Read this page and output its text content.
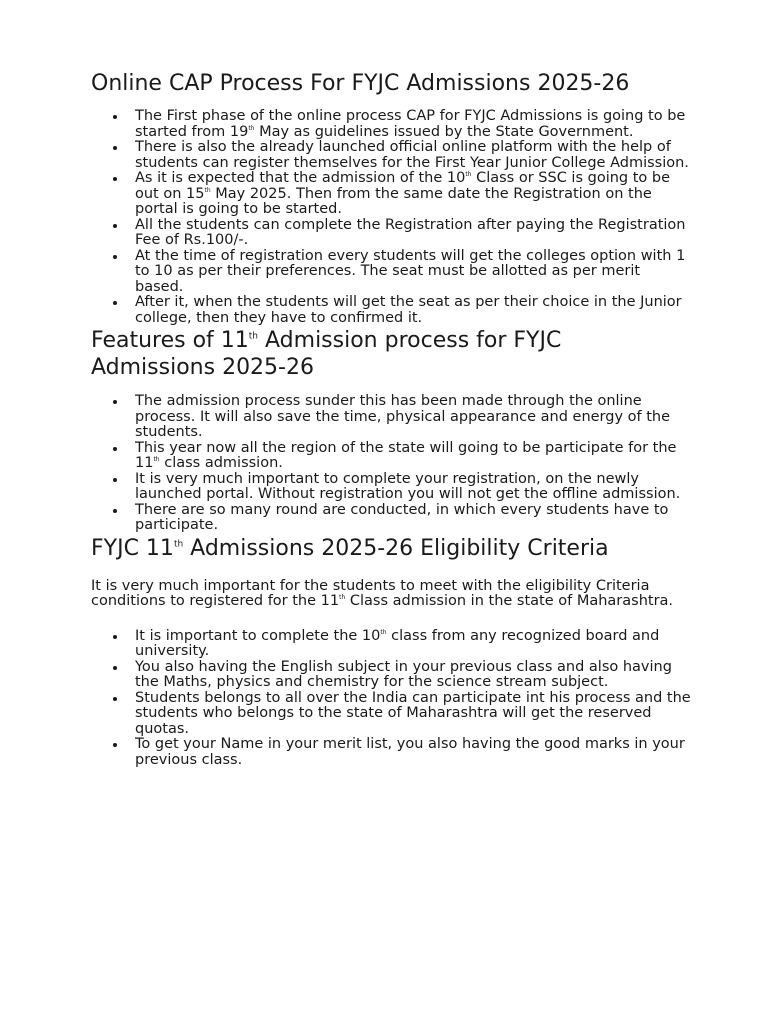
Online CAP Process For FYJC Admissions 2025-26
The First phase of the online process CAP for FYJC Admissions is going to be started from 19th May as guidelines issued by the State Government.
There is also the already launched official online platform with the help of students can register themselves for the First Year Junior College Admission.
As it is expected that the admission of the 10th Class or SSC is going to be out on 15th May 2025. Then from the same date the Registration on the portal is going to be started.
All the students can complete the Registration after paying the Registration Fee of Rs.100/-.
At the time of registration every students will get the colleges option with 1 to 10 as per their preferences. The seat must be allotted as per merit based.
After it, when the students will get the seat as per their choice in the Junior college, then they have to confirmed it.
Features of 11th Admission process for FYJC Admissions 2025-26
The admission process sunder this has been made through the online process. It will also save the time, physical appearance and energy of the students.
This year now all the region of the state will going to be participate for the 11th class admission.
It is very much important to complete your registration, on the newly launched portal. Without registration you will not get the offline admission.
There are so many round are conducted, in which every students have to participate.
FYJC 11th Admissions 2025-26 Eligibility Criteria

It is very much important for the students to meet with the eligibility Criteria conditions to registered for the 11th Class admission in the state of Maharashtra.

It is important to complete the 10th class from any recognized board and university.
You also having the English subject in your previous class and also having the Maths, physics and chemistry for the science stream subject.
Students belongs to all over the India can participate int his process and the students who belongs to the state of Maharashtra will get the reserved quotas.
To get your Name in your merit list, you also having the good marks in your previous class.
